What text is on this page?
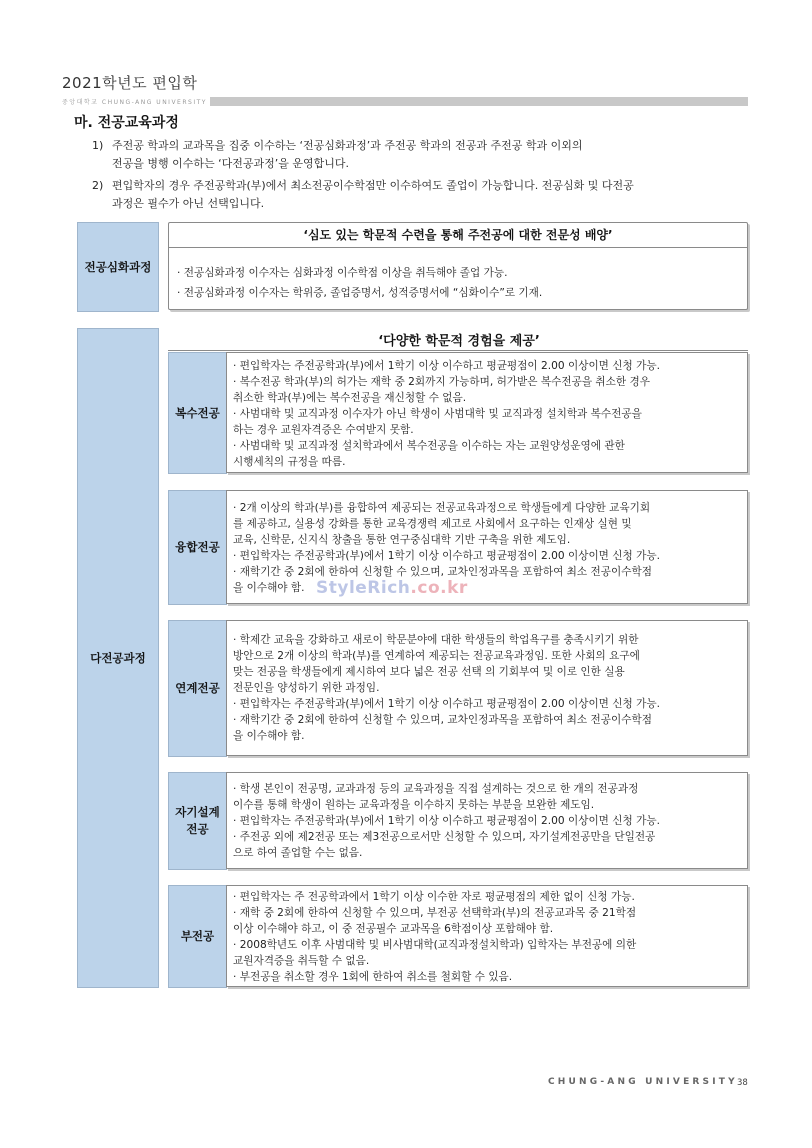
2021학년도 편입학
중앙대학교 CHUNG-ANG UNIVERSITY
마. 전공교육과정
1) 주전공 학과의 교과목을 집중 이수하는 ‘전공심화과정’과 주전공 학과의 전공과 주전공 학과 이외의
전공을 병행 이수하는 ‘다전공과정’을 운영합니다.
2) 편입학자의 경우 주전공학과(부)에서 최소전공이수학점만 이수하여도 졸업이 가능합니다. 전공심화 및 다전공
과정은 필수가 아닌 선택입니다.
전공심화과정
‘심도 있는 학문적 수련을 통해 주전공에 대한 전문성 배양’
· 전공심화과정 이수자는 심화과정 이수학점 이상을 취득해야 졸업 가능.
· 전공심화과정 이수자는 학위증, 졸업증명서, 성적증명서에 “심화이수”로 기재.
다전공과정
‘다양한 학문적 경험을 제공’
복수전공
· 편입학자는 주전공학과(부)에서 1학기 이상 이수하고 평균평점이 2.00 이상이면 신청 가능.
· 복수전공 학과(부)의 허가는 재학 중 2회까지 가능하며, 허가받은 복수전공을 취소한 경우
취소한 학과(부)에는 복수전공을 재신청할 수 없음.
· 사범대학 및 교직과정 이수자가 아닌 학생이 사범대학 및 교직과정 설치학과 복수전공을
하는 경우 교원자격증은 수여받지 못함.
· 사범대학 및 교직과정 설치학과에서 복수전공을 이수하는 자는 교원양성운영에 관한
시행세칙의 규정을 따름.
융합전공
· 2개 이상의 학과(부)를 융합하여 제공되는 전공교육과정으로 학생들에게 다양한 교육기회
를 제공하고, 실용성 강화를 통한 교육경쟁력 제고로 사회에서 요구하는 인재상 실현 및
교육, 신학문, 신지식 창출을 통한 연구중심대학 기반 구축을 위한 제도임.
· 편입학자는 주전공학과(부)에서 1학기 이상 이수하고 평균평점이 2.00 이상이면 신청 가능.
· 재학기간 중 2회에 한하여 신청할 수 있으며, 교차인정과목을 포함하여 최소 전공이수학점
을 이수해야 함.
연계전공
· 학제간 교육을 강화하고 새로이 학문분야에 대한 학생들의 학업욕구를 충족시키기 위한
방안으로 2개 이상의 학과(부)를 연계하여 제공되는 전공교육과정임. 또한 사회의 요구에
맞는 전공을 학생들에게 제시하여 보다 넓은 전공 선택 의 기회부여 및 이로 인한 실용
전문인을 양성하기 위한 과정임.
· 편입학자는 주전공학과(부)에서 1학기 이상 이수하고 평균평점이 2.00 이상이면 신청 가능.
· 재학기간 중 2회에 한하여 신청할 수 있으며, 교차인정과목을 포함하여 최소 전공이수학점
을 이수해야 함.
자기설계
전공
· 학생 본인이 전공명, 교과과정 등의 교육과정을 직접 설계하는 것으로 한 개의 전공과정
이수를 통해 학생이 원하는 교육과정을 이수하지 못하는 부분을 보완한 제도임.
· 편입학자는 주전공학과(부)에서 1학기 이상 이수하고 평균평점이 2.00 이상이면 신청 가능.
· 주전공 외에 제2전공 또는 제3전공으로서만 신청할 수 있으며, 자기설계전공만을 단일전공
으로 하여 졸업할 수는 없음.
부전공
· 편입학자는 주 전공학과에서 1학기 이상 이수한 자로 평균평점의 제한 없이 신청 가능.
· 재학 중 2회에 한하여 신청할 수 있으며, 부전공 선택학과(부)의 전공교과목 중 21학점
이상 이수해야 하고, 이 중 전공필수 교과목을 6학점이상 포함해야 함.
· 2008학년도 이후 사범대학 및 비사범대학(교직과정설치학과) 입학자는 부전공에 의한
교원자격증을 취득할 수 없음.
· 부전공을 취소할 경우 1회에 한하여 취소를 철회할 수 있음.
StyleRich.co.kr
CHUNG-ANG UNIVERSITY 38
